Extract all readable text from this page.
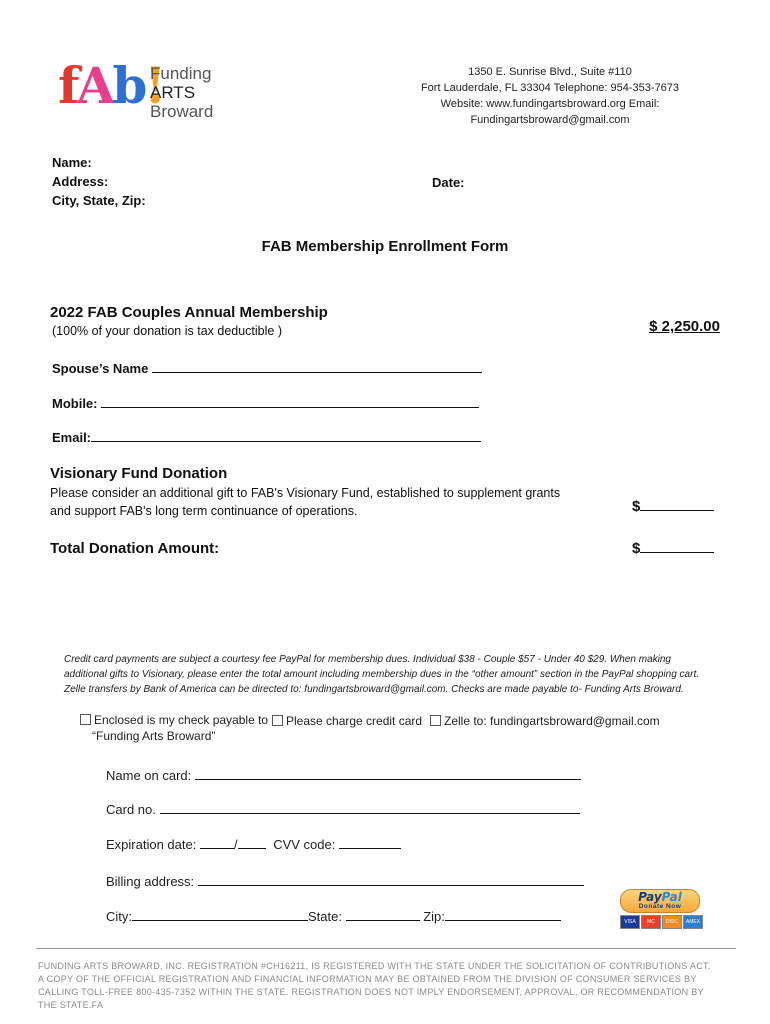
fAb!
Funding
ARTS
Broward
1350 E. Sunrise Blvd., Suite #110
Fort Lauderdale, FL 33304 Telephone: 954-353-7673
Website: www.fundingartsbroward.org Email:
Fundingartsbroward@gmail.com
Name:
Address:
City, State, Zip:
Date:
FAB Membership Enrollment Form
2022 FAB Couples Annual Membership
(100% of your donation is tax deductible )	$ 2,250.00
Spouse’s Name
Mobile:
Email:
Visionary Fund Donation
Please consider an additional gift to FAB's Visionary Fund, established to supplement grants
and support FAB's long term continuance of operations.	$
Total Donation Amount:	$
Credit card payments are subject a courtesy fee PayPal for membership dues. Individual $38 - Couple $57 - Under 40 $29. When making additional gifts to Visionary, please enter the total amount including membership dues in the “other amount” section in the PayPal shopping cart. Zelle transfers by Bank of America can be directed to: fundingartsbroward@gmail.com. Checks are made payable to- Funding Arts Broward.
Enclosed is my check payable to
“Funding Arts Broward”
Please charge credit card	Zelle to: fundingartsbroward@gmail.com
Name on card:
Card no.
Expiration date:	/	CVV code:
Billing address:
City:	State:	Zip:
PayPal
Donate Now
VISA	MC	DISC	AMEX
FUNDING ARTS BROWARD, INC. REGISTRATION #CH16211, IS REGISTERED WITH THE STATE UNDER THE SOLICITATION OF CONTRIBUTIONS ACT.
A COPY OF THE OFFICIAL REGISTRATION AND FINANCIAL INFORMATION MAY BE OBTAINED FROM THE DIVISION OF CONSUMER SERVICES BY
CALLING TOLL-FREE 800-435-7352 WITHIN THE STATE. REGISTRATION DOES NOT IMPLY ENDORSEMENT, APPROVAL, OR RECOMMENDATION BY
THE STATE.FA
